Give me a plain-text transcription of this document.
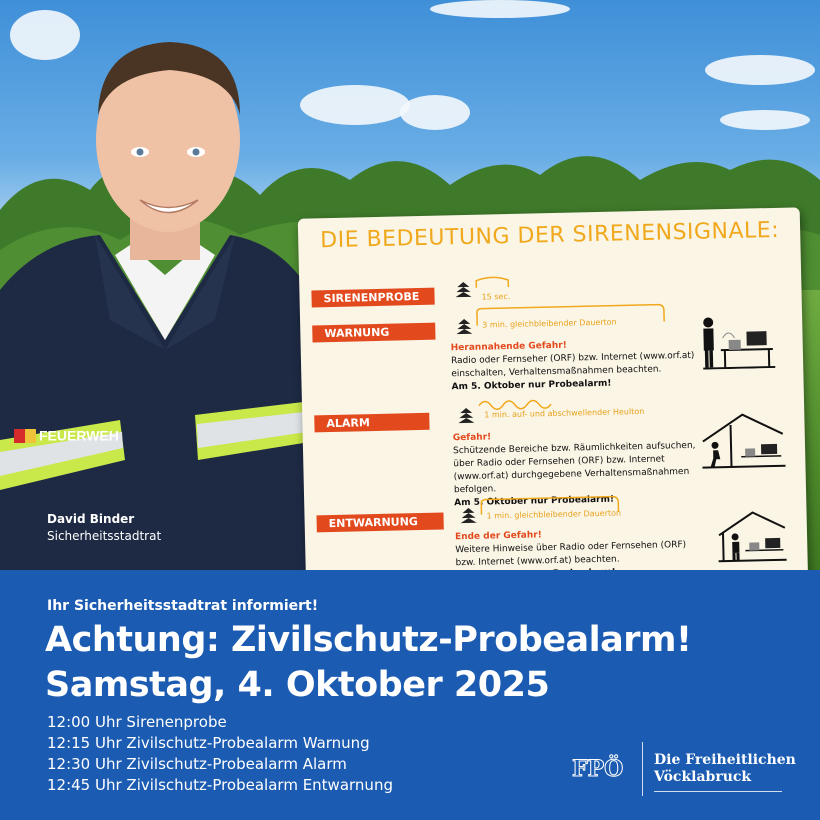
FEUERWEH
David Binder
Sicherheitsstadtrat
DIE BEDEUTUNG DER SIRENENSIGNALE:
SIRENENPROBE	15 sec.
WARNUNG
3 min. gleichbleibender Dauerton
Herannahende Gefahr!
Radio oder Fernseher (ORF) bzw. Internet (www.orf.at) einschalten, Verhaltensmaßnahmen beachten.
Am 5. Oktober nur Probealarm!
ALARM
1 min. auf- und abschwellender Heulton
Gefahr!
Schützende Bereiche bzw. Räumlichkeiten aufsuchen, über Radio oder Fernsehen (ORF) bzw. Internet (www.orf.at) durchgegebene Verhaltensmaßnahmen befolgen.
Am 5. Oktober nur Probealarm!
ENTWARNUNG
1 min. gleichbleibender Dauerton
Ende der Gefahr!
Weitere Hinweise über Radio oder Fernsehen (ORF) bzw. Internet (www.orf.at) beachten.
Ihr Sicherheitsstadtrat informiert!
Achtung: Zivilschutz-Probealarm!
Samstag, 4. Oktober 2025
12:00 Uhr Sirenenprobe
12:15 Uhr Zivilschutz-Probealarm Warnung
12:30 Uhr Zivilschutz-Probealarm Alarm
12:45 Uhr Zivilschutz-Probealarm Entwarnung
FPÖ Die Freiheitlichen
Vöcklabruck
